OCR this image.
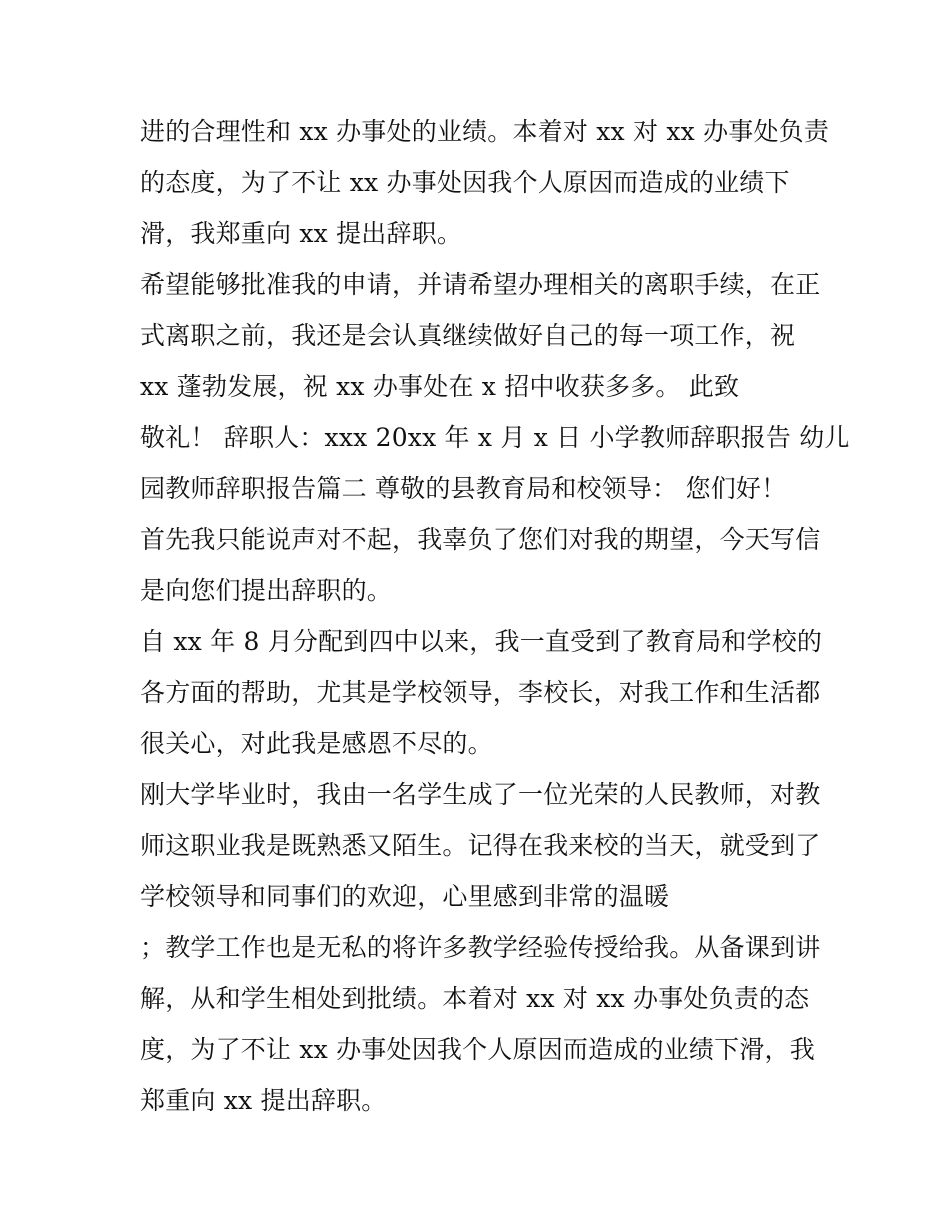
进的合理性和 xx 办事处的业绩。本着对 xx 对 xx 办事处负责
的态度，为了不让 xx 办事处因我个人原因而造成的业绩下
滑，我郑重向 xx 提出辞职。
希望能够批准我的申请，并请希望办理相关的离职手续，在正
式离职之前，我还是会认真继续做好自己的每一项工作，祝
xx 蓬勃发展，祝 xx 办事处在 x 招中收获多多。 此致
敬礼！ 辞职人：xxx 20xx 年 x 月 x 日 小学教师辞职报告 幼儿
园教师辞职报告篇二 尊敬的县教育局和校领导： 您们好！
首先我只能说声对不起，我辜负了您们对我的期望，今天写信
是向您们提出辞职的。
自 xx 年 8 月分配到四中以来，我一直受到了教育局和学校的
各方面的帮助，尤其是学校领导，李校长，对我工作和生活都
很关心，对此我是感恩不尽的。
刚大学毕业时，我由一名学生成了一位光荣的人民教师，对教
师这职业我是既熟悉又陌生。记得在我来校的当天，就受到了
学校领导和同事们的欢迎，心里感到非常的温暖
；教学工作也是无私的将许多教学经验传授给我。从备课到讲
解，从和学生相处到批绩。本着对 xx 对 xx 办事处负责的态
度，为了不让 xx 办事处因我个人原因而造成的业绩下滑，我
郑重向 xx 提出辞职。
